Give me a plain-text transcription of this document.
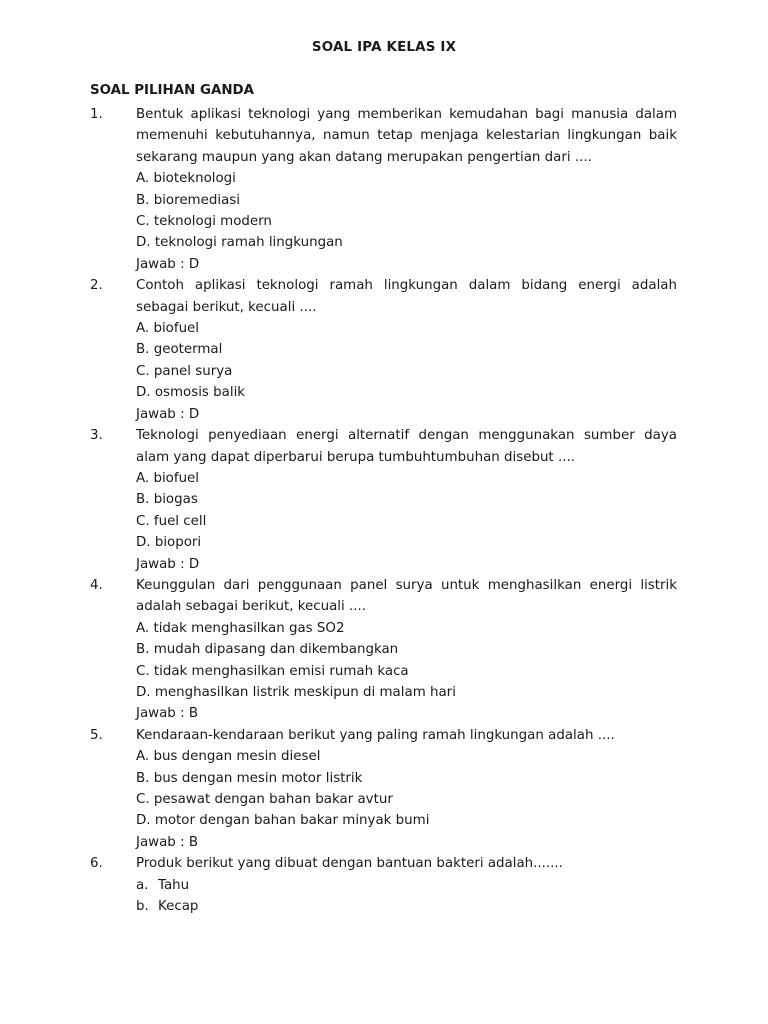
SOAL IPA KELAS IX
SOAL PILIHAN GANDA
1.	Bentuk aplikasi teknologi yang memberikan kemudahan bagi manusia dalam memenuhi kebutuhannya, namun tetap menjaga kelestarian lingkungan baik sekarang maupun yang akan datang merupakan pengertian dari ....
A. bioteknologi
B. bioremediasi
C. teknologi modern
D. teknologi ramah lingkungan
Jawab : D
2.	Contoh aplikasi teknologi ramah lingkungan dalam bidang energi adalah sebagai berikut, kecuali ....
A. biofuel
B. geotermal
C. panel surya
D. osmosis balik
Jawab : D
3.	Teknologi penyediaan energi alternatif dengan menggunakan sumber daya alam yang dapat diperbarui berupa tumbuhtumbuhan disebut ....
A. biofuel
B. biogas
C. fuel cell
D. biopori
Jawab : D
4.	Keunggulan dari penggunaan panel surya untuk menghasilkan energi listrik adalah sebagai berikut, kecuali ....
A. tidak menghasilkan gas SO2
B. mudah dipasang dan dikembangkan
C. tidak menghasilkan emisi rumah kaca
D. menghasilkan listrik meskipun di malam hari
Jawab : B
5.	Kendaraan-kendaraan berikut yang paling ramah lingkungan adalah ....
A. bus dengan mesin diesel
B. bus dengan mesin motor listrik
C. pesawat dengan bahan bakar avtur
D. motor dengan bahan bakar minyak bumi
Jawab : B
6.	Produk berikut yang dibuat dengan bantuan bakteri adalah.......
a. Tahu
b. Kecap
